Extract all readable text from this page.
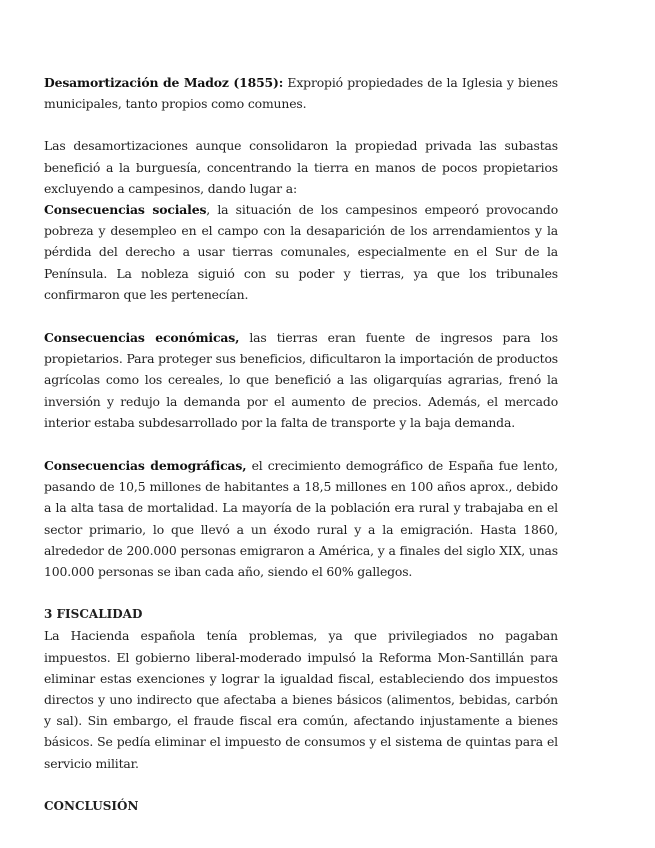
Desamortización de Madoz (1855): Expropió propiedades de la Iglesia y bienes municipales, tanto propios como comunes.

Las desamortizaciones aunque consolidaron la propiedad privada las subastas benefició a la burguesía, concentrando la tierra en manos de pocos propietarios excluyendo a campesinos, dando lugar a:

Consecuencias sociales, la situación de los campesinos empeoró provocando pobreza y desempleo en el campo con la desaparición de los arrendamientos y la pérdida del derecho a usar tierras comunales, especialmente en el Sur de la Península. La nobleza siguió con su poder y tierras, ya que los tribunales confirmaron que les pertenecían.

Consecuencias económicas, las tierras eran fuente de ingresos para los propietarios. Para proteger sus beneficios, dificultaron la importación de productos agrícolas como los cereales, lo que benefició a las oligarquías agrarias, frenó la inversión y redujo la demanda por el aumento de precios. Además, el mercado interior estaba subdesarrollado por la falta de transporte y la baja demanda.

Consecuencias demográficas, el crecimiento demográfico de España fue lento, pasando de 10,5 millones de habitantes a 18,5 millones en 100 años aprox., debido a la alta tasa de mortalidad. La mayoría de la población era rural y trabajaba en el sector primario, lo que llevó a un éxodo rural y a la emigración. Hasta 1860, alrededor de 200.000 personas emigraron a América, y a finales del siglo XIX, unas 100.000 personas se iban cada año, siendo el 60% gallegos.

3 FISCALIDAD

La Hacienda española tenía problemas, ya que privilegiados no pagaban impuestos. El gobierno liberal-moderado impulsó la Reforma Mon-Santillán para eliminar estas exenciones y lograr la igualdad fiscal, estableciendo dos impuestos directos y uno indirecto que afectaba a bienes básicos (alimentos, bebidas, carbón y sal). Sin embargo, el fraude fiscal era común, afectando injustamente a bienes básicos. Se pedía eliminar el impuesto de consumos y el sistema de quintas para el servicio militar.

CONCLUSIÓN
